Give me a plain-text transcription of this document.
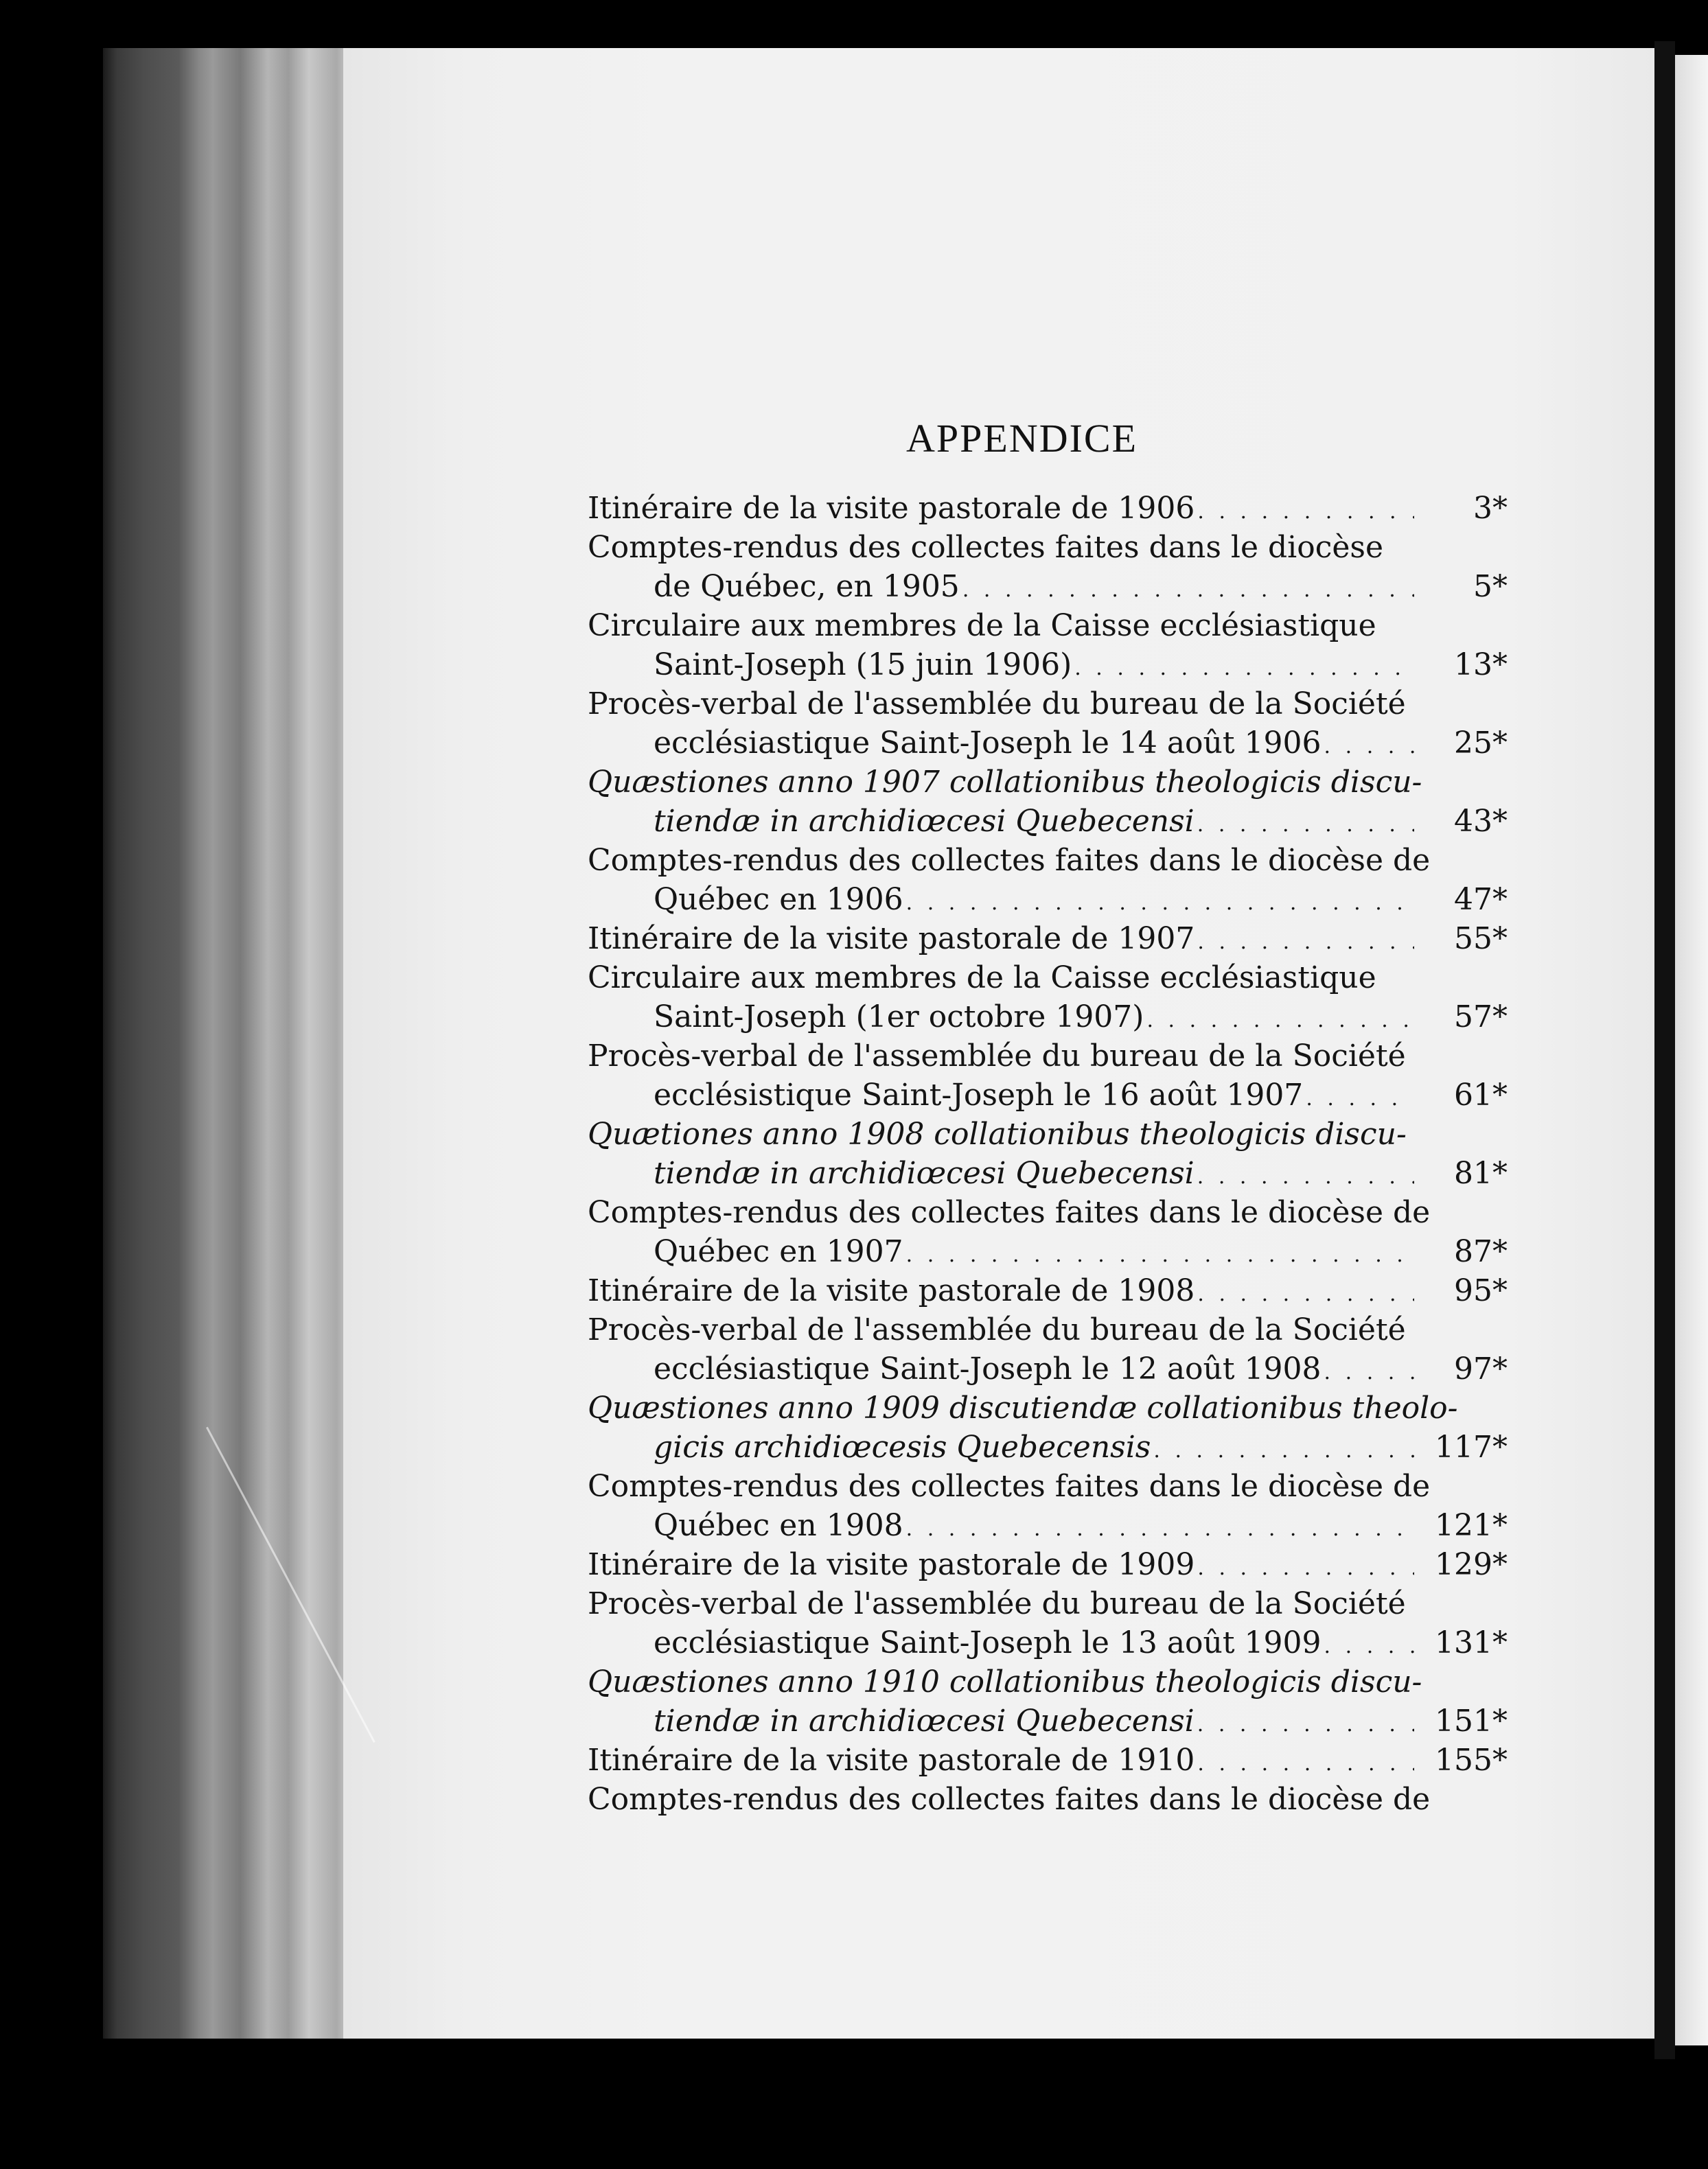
APPENDICE
Itinéraire de la visite pastorale de 1906 . . .	3*
Comptes-rendus des collectes faites dans le diocèse
de Québec, en 1905 . . .	5*
Circulaire aux membres de la Caisse ecclésiastique
Saint-Joseph (15 juin 1906) . . .	13*
Procès-verbal de l'assemblée du bureau de la Société
ecclésiastique Saint-Joseph le 14 août 1906 . . .	25*
Quæstiones anno 1907 collationibus theologicis discu-
tiendæ in archidiœcesi Quebecensi . . .	43*
Comptes-rendus des collectes faites dans le diocèse de
Québec en 1906 . . .	47*
Itinéraire de la visite pastorale de 1907 . . .	55*
Circulaire aux membres de la Caisse ecclésiastique
Saint-Joseph (1er octobre 1907) . . .	57*
Procès-verbal de l'assemblée du bureau de la Société
ecclésistique Saint-Joseph le 16 août 1907 . . .	61*
Quætiones anno 1908 collationibus theologicis discu-
tiendæ in archidiœcesi Quebecensi . . .	81*
Comptes-rendus des collectes faites dans le diocèse de
Québec en 1907 . . .	87*
Itinéraire de la visite pastorale de 1908 . . .	95*
Procès-verbal de l'assemblée du bureau de la Société
ecclésiastique Saint-Joseph le 12 août 1908 . . .	97*
Quæstiones anno 1909 discutiendæ collationibus theolo-
gicis archidiœcesis Quebecensis . . .	117*
Comptes-rendus des collectes faites dans le diocèse de
Québec en 1908 . . .	121*
Itinéraire de la visite pastorale de 1909 . . .	129*
Procès-verbal de l'assemblée du bureau de la Société
ecclésiastique Saint-Joseph le 13 août 1909 . . .	131*
Quæstiones anno 1910 collationibus theologicis discu-
tiendæ in archidiœcesi Quebecensi . . .	151*
Itinéraire de la visite pastorale de 1910 . . .	155*
Comptes-rendus des collectes faites dans le diocèse de
